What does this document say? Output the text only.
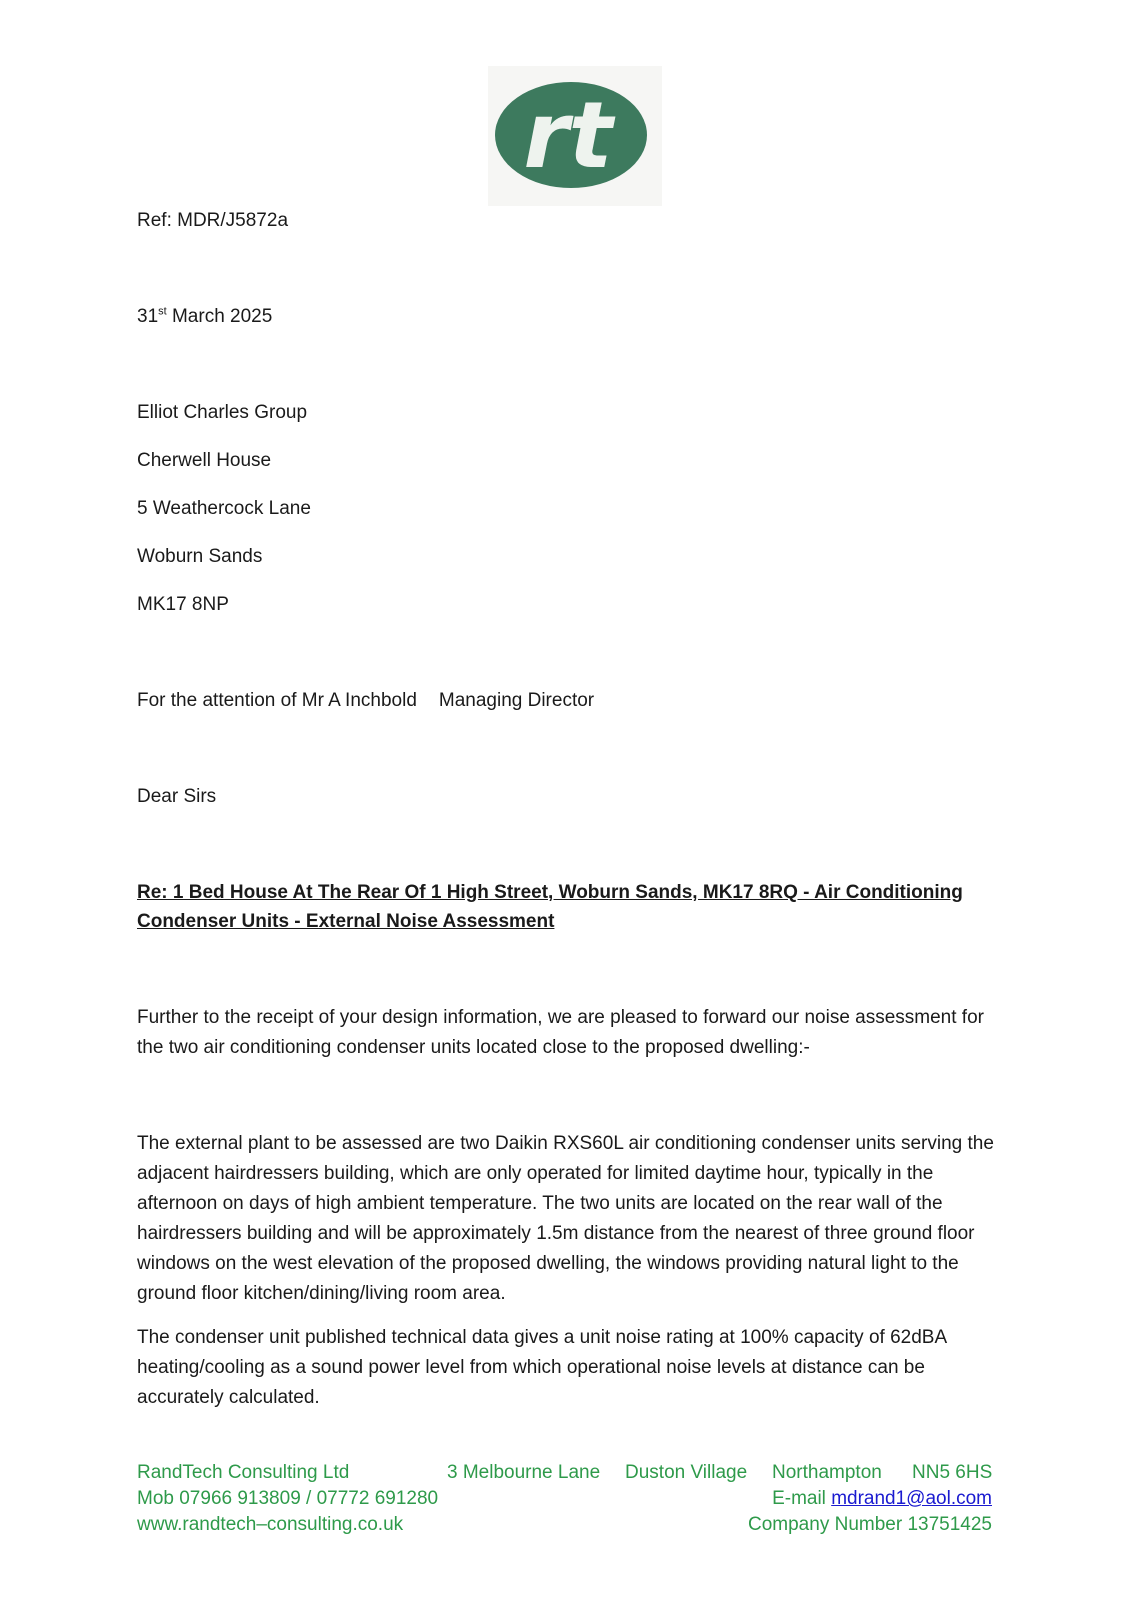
rt
Ref: MDR/J5872a
31st March 2025
Elliot Charles Group
Cherwell House
5 Weathercock Lane
Woburn Sands
MK17 8NP
For the attention of Mr A Inchbold Managing Director
Dear Sirs
Re: 1 Bed House At The Rear Of 1 High Street, Woburn Sands, MK17 8RQ - Air Conditioning
Condenser Units - External Noise Assessment
Further to the receipt of your design information, we are pleased to forward our noise assessment for the two air conditioning condenser units located close to the proposed dwelling:-
The external plant to be assessed are two Daikin RXS60L air conditioning condenser units serving the adjacent hairdressers building, which are only operated for limited daytime hour, typically in the afternoon on days of high ambient temperature. The two units are located on the rear wall of the hairdressers building and will be approximately 1.5m distance from the nearest of three ground floor windows on the west elevation of the proposed dwelling, the windows providing natural light to the ground floor kitchen/dining/living room area.
The condenser unit published technical data gives a unit noise rating at 100% capacity of 62dBA heating/cooling as a sound power level from which operational noise levels at distance can be accurately calculated.
RandTech Consulting Ltd	3 Melbourne Lane Duston Village Northampton NN5 6HS
Mob 07966 913809 / 07772 691280	E-mail mdrand1@aol.com
www.randtech–consulting.co.uk	Company Number 13751425
